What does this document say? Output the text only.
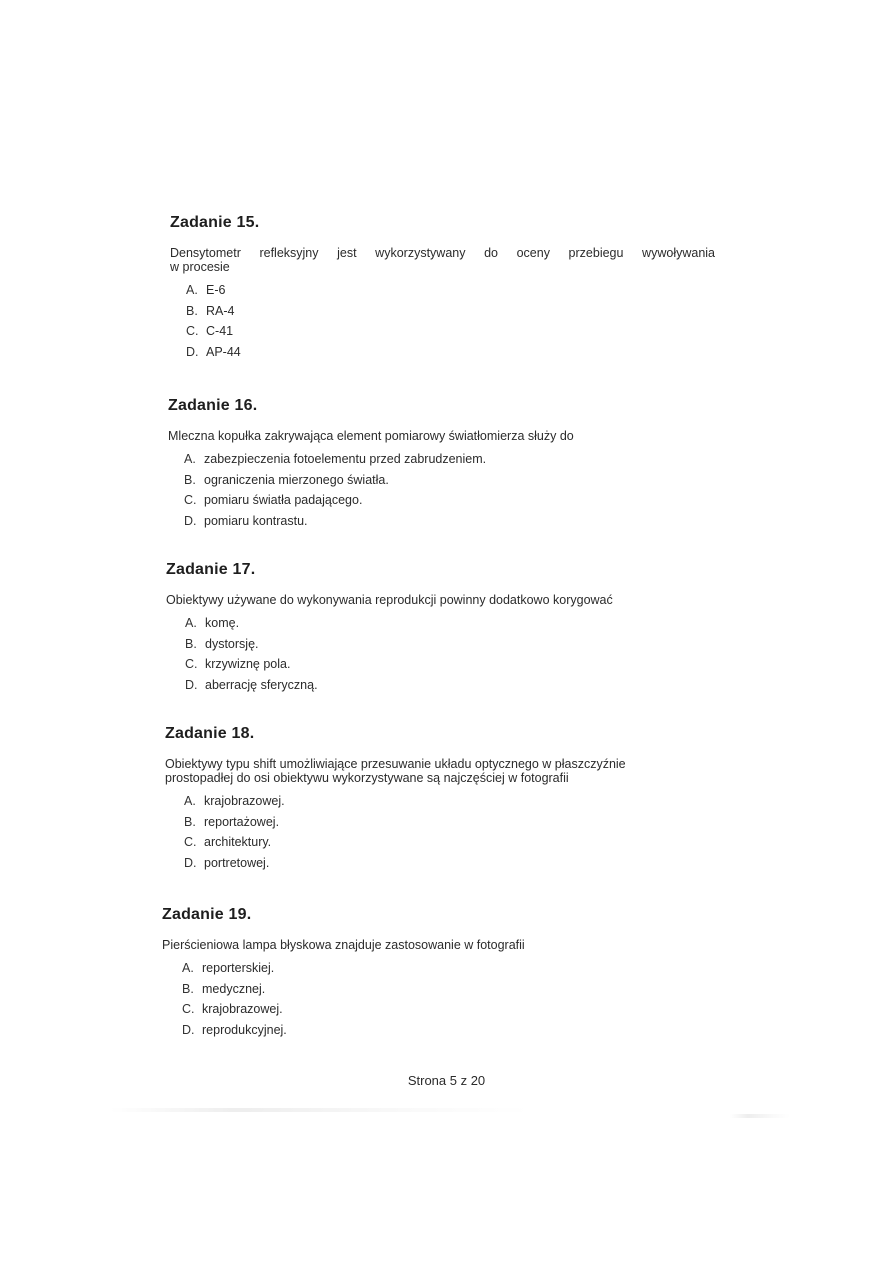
Zadanie 15.
Densytometr refleksyjny jest wykorzystywany do oceny przebiegu wywoływania
w procesie
A. E-6
B. RA-4
C. C-41
D. AP-44
Zadanie 16.
Mleczna kopułka zakrywająca element pomiarowy światłomierza służy do
A. zabezpieczenia fotoelementu przed zabrudzeniem.
B. ograniczenia mierzonego światła.
C. pomiaru światła padającego.
D. pomiaru kontrastu.
Zadanie 17.
Obiektywy używane do wykonywania reprodukcji powinny dodatkowo korygować
A. komę.
B. dystorsję.
C. krzywiznę pola.
D. aberrację sferyczną.
Zadanie 18.
Obiektywy typu shift umożliwiające przesuwanie układu optycznego w płaszczyźnie
prostopadłej do osi obiektywu wykorzystywane są najczęściej w fotografii
A. krajobrazowej.
B. reportażowej.
C. architektury.
D. portretowej.
Zadanie 19.
Pierścieniowa lampa błyskowa znajduje zastosowanie w fotografii
A. reporterskiej.
B. medycznej.
C. krajobrazowej.
D. reprodukcyjnej.
Strona 5 z 20
